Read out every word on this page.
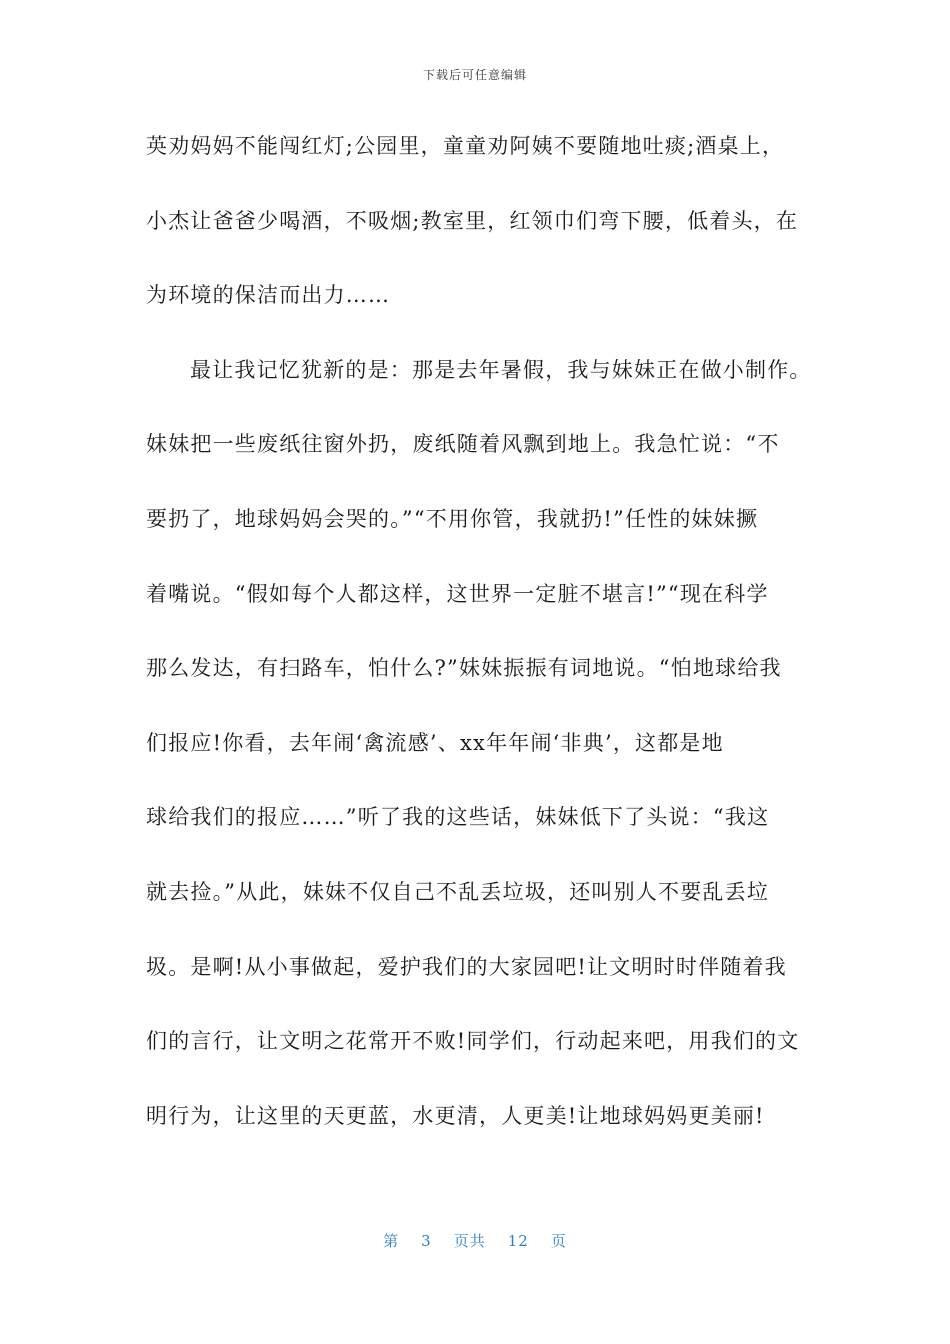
下载后可任意编辑
英劝妈妈不能闯红灯;公园里，童童劝阿姨不要随地吐痰;酒桌上，
小杰让爸爸少喝酒，不吸烟;教室里，红领巾们弯下腰，低着头，在
为环境的保洁而出力……
最让我记忆犹新的是：那是去年暑假，我与妹妹正在做小制作。
妹妹把一些废纸往窗外扔，废纸随着风飘到地上。我急忙说：“不
要扔了，地球妈妈会哭的。”“不用你管，我就扔!”任性的妹妹撅
着嘴说。“假如每个人都这样，这世界一定脏不堪言!”“现在科学
那么发达，有扫路车，怕什么?”妹妹振振有词地说。“怕地球给我
们报应!你看，去年闹‘禽流感’、xx年年闹‘非典’，这都是地
球给我们的报应……”听了我的这些话，妹妹低下了头说：“我这
就去捡。”从此，妹妹不仅自己不乱丢垃圾，还叫别人不要乱丢垃
圾。是啊!从小事做起，爱护我们的大家园吧!让文明时时伴随着我
们的言行，让文明之花常开不败!同学们，行动起来吧，用我们的文
明行为，让这里的天更蓝，水更清，人更美!让地球妈妈更美丽!
第 3 页共 12 页
